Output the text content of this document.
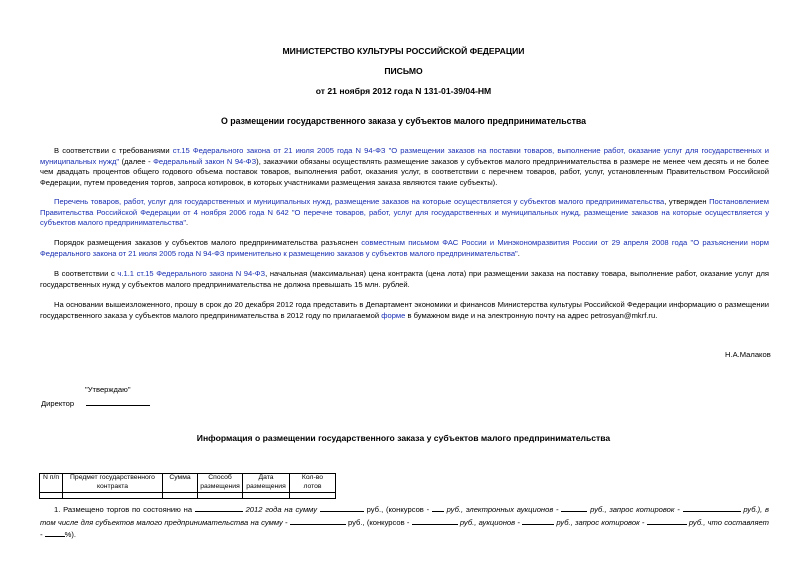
МИНИСТЕРСТВО КУЛЬТУРЫ РОССИЙСКОЙ ФЕДЕРАЦИИ
ПИСЬМО
от 21 ноября 2012 года N 131-01-39/04-НМ
О размещении государственного заказа у субъектов малого предпринимательства

В соответствии с требованиями ст.15 Федерального закона от 21 июля 2005 года N 94-ФЗ "О размещении заказов на поставки товаров, выполнение работ, оказание услуг для государственных и муниципальных нужд" (далее - Федеральный закон N 94-ФЗ), заказчики обязаны осуществлять размещение заказов у субъектов малого предпринимательства в размере не менее чем десять и не более чем двадцать процентов общего годового объема поставок товаров, выполнения работ, оказания услуг, в соответствии с перечнем товаров, работ, услуг, установленным Правительством Российской Федерации, путем проведения торгов, запроса котировок, в которых участниками размещения заказа являются такие субъекты).

Перечень товаров, работ, услуг для государственных и муниципальных нужд, размещение заказов на которые осуществляется у субъектов малого предпринимательства, утвержден Постановлением Правительства Российской Федерации от 4 ноября 2006 года N 642 "О перечне товаров, работ, услуг для государственных и муниципальных нужд, размещение заказов на которые осуществляется у субъектов малого предпринимательства".

Порядок размещения заказов у субъектов малого предпринимательства разъяснен совместным письмом ФАС России и Минэкономразвития России от 29 апреля 2008 года "О разъяснении норм Федерального закона от 21 июля 2005 года N 94-ФЗ применительно к размещению заказов у субъектов малого предпринимательства".

В соответствии с ч.1.1 ст.15 Федерального закона N 94-ФЗ, начальная (максимальная) цена контракта (цена лота) при размещении заказа на поставку товара, выполнение работ, оказание услуг для государственных нужд у субъектов малого предпринимательства не должна превышать 15 млн. рублей.

На основании вышеизложенного, прошу в срок до 20 декабря 2012 года представить в Департамент экономики и финансов Министерства культуры Российской Федерации информацию о размещении государственного заказа у субъектов малого предпринимательства в 2012 году по прилагаемой форме в бумажном виде и на электронную почту на адрес petrosyan@mkrf.ru.

Н.А.Малаков
"Утверждаю"
Директор
Информация о размещении государственного заказа у субъектов малого предпринимательства
N п/п	Предмет государственного контракта	Сумма	Способ размещения	Дата размещения	Кол-во лотов

1. Размещено торгов по состоянию на	2012 года на сумму	руб., (конкурсов -  руб., электронных аукционов -	руб., запрос котировок -	руб.), в том числе для субъектов малого предпринимательства на сумму -	руб., (конкурсов -	руб., аукционов -	руб., запрос котировок -	руб., что составляет -	%).
